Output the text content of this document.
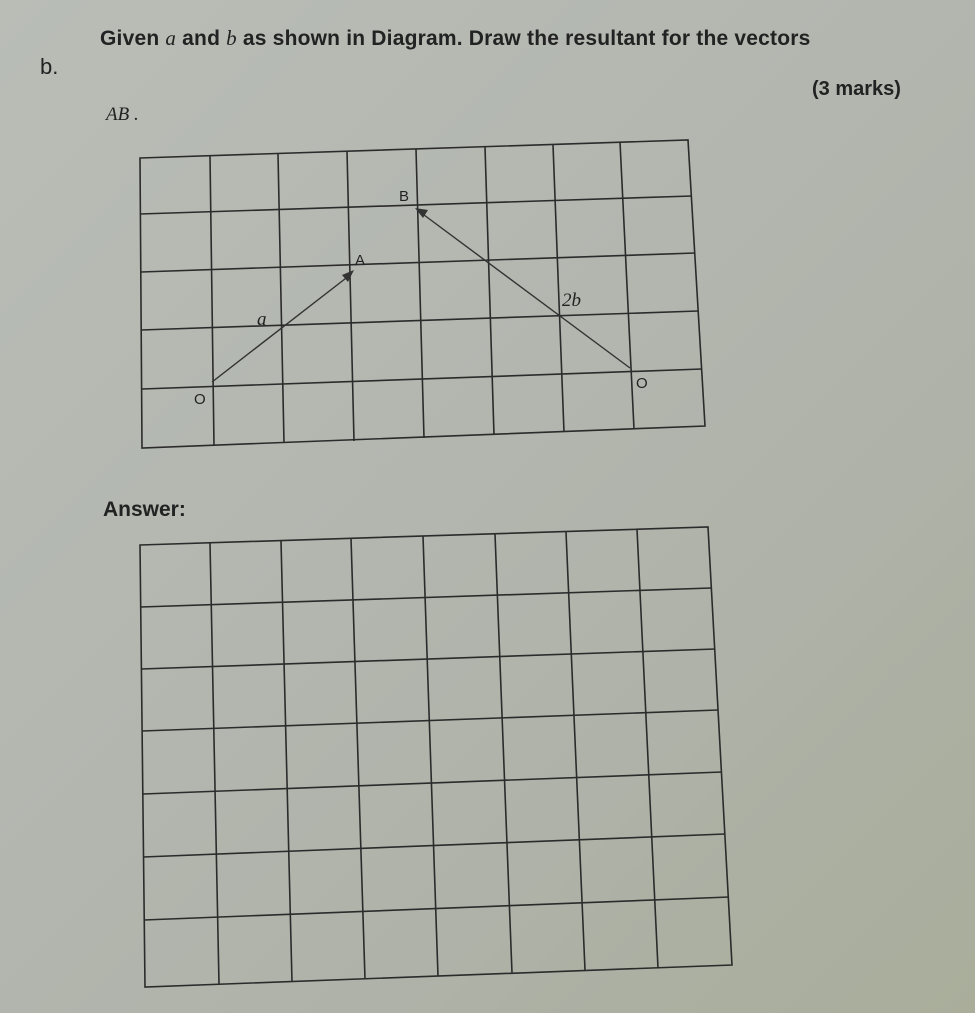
b.
Given a and b as shown in Diagram. Draw the resultant for the vectors
(3 marks)
AB .
B
A
O
O
a
2b
Answer:
